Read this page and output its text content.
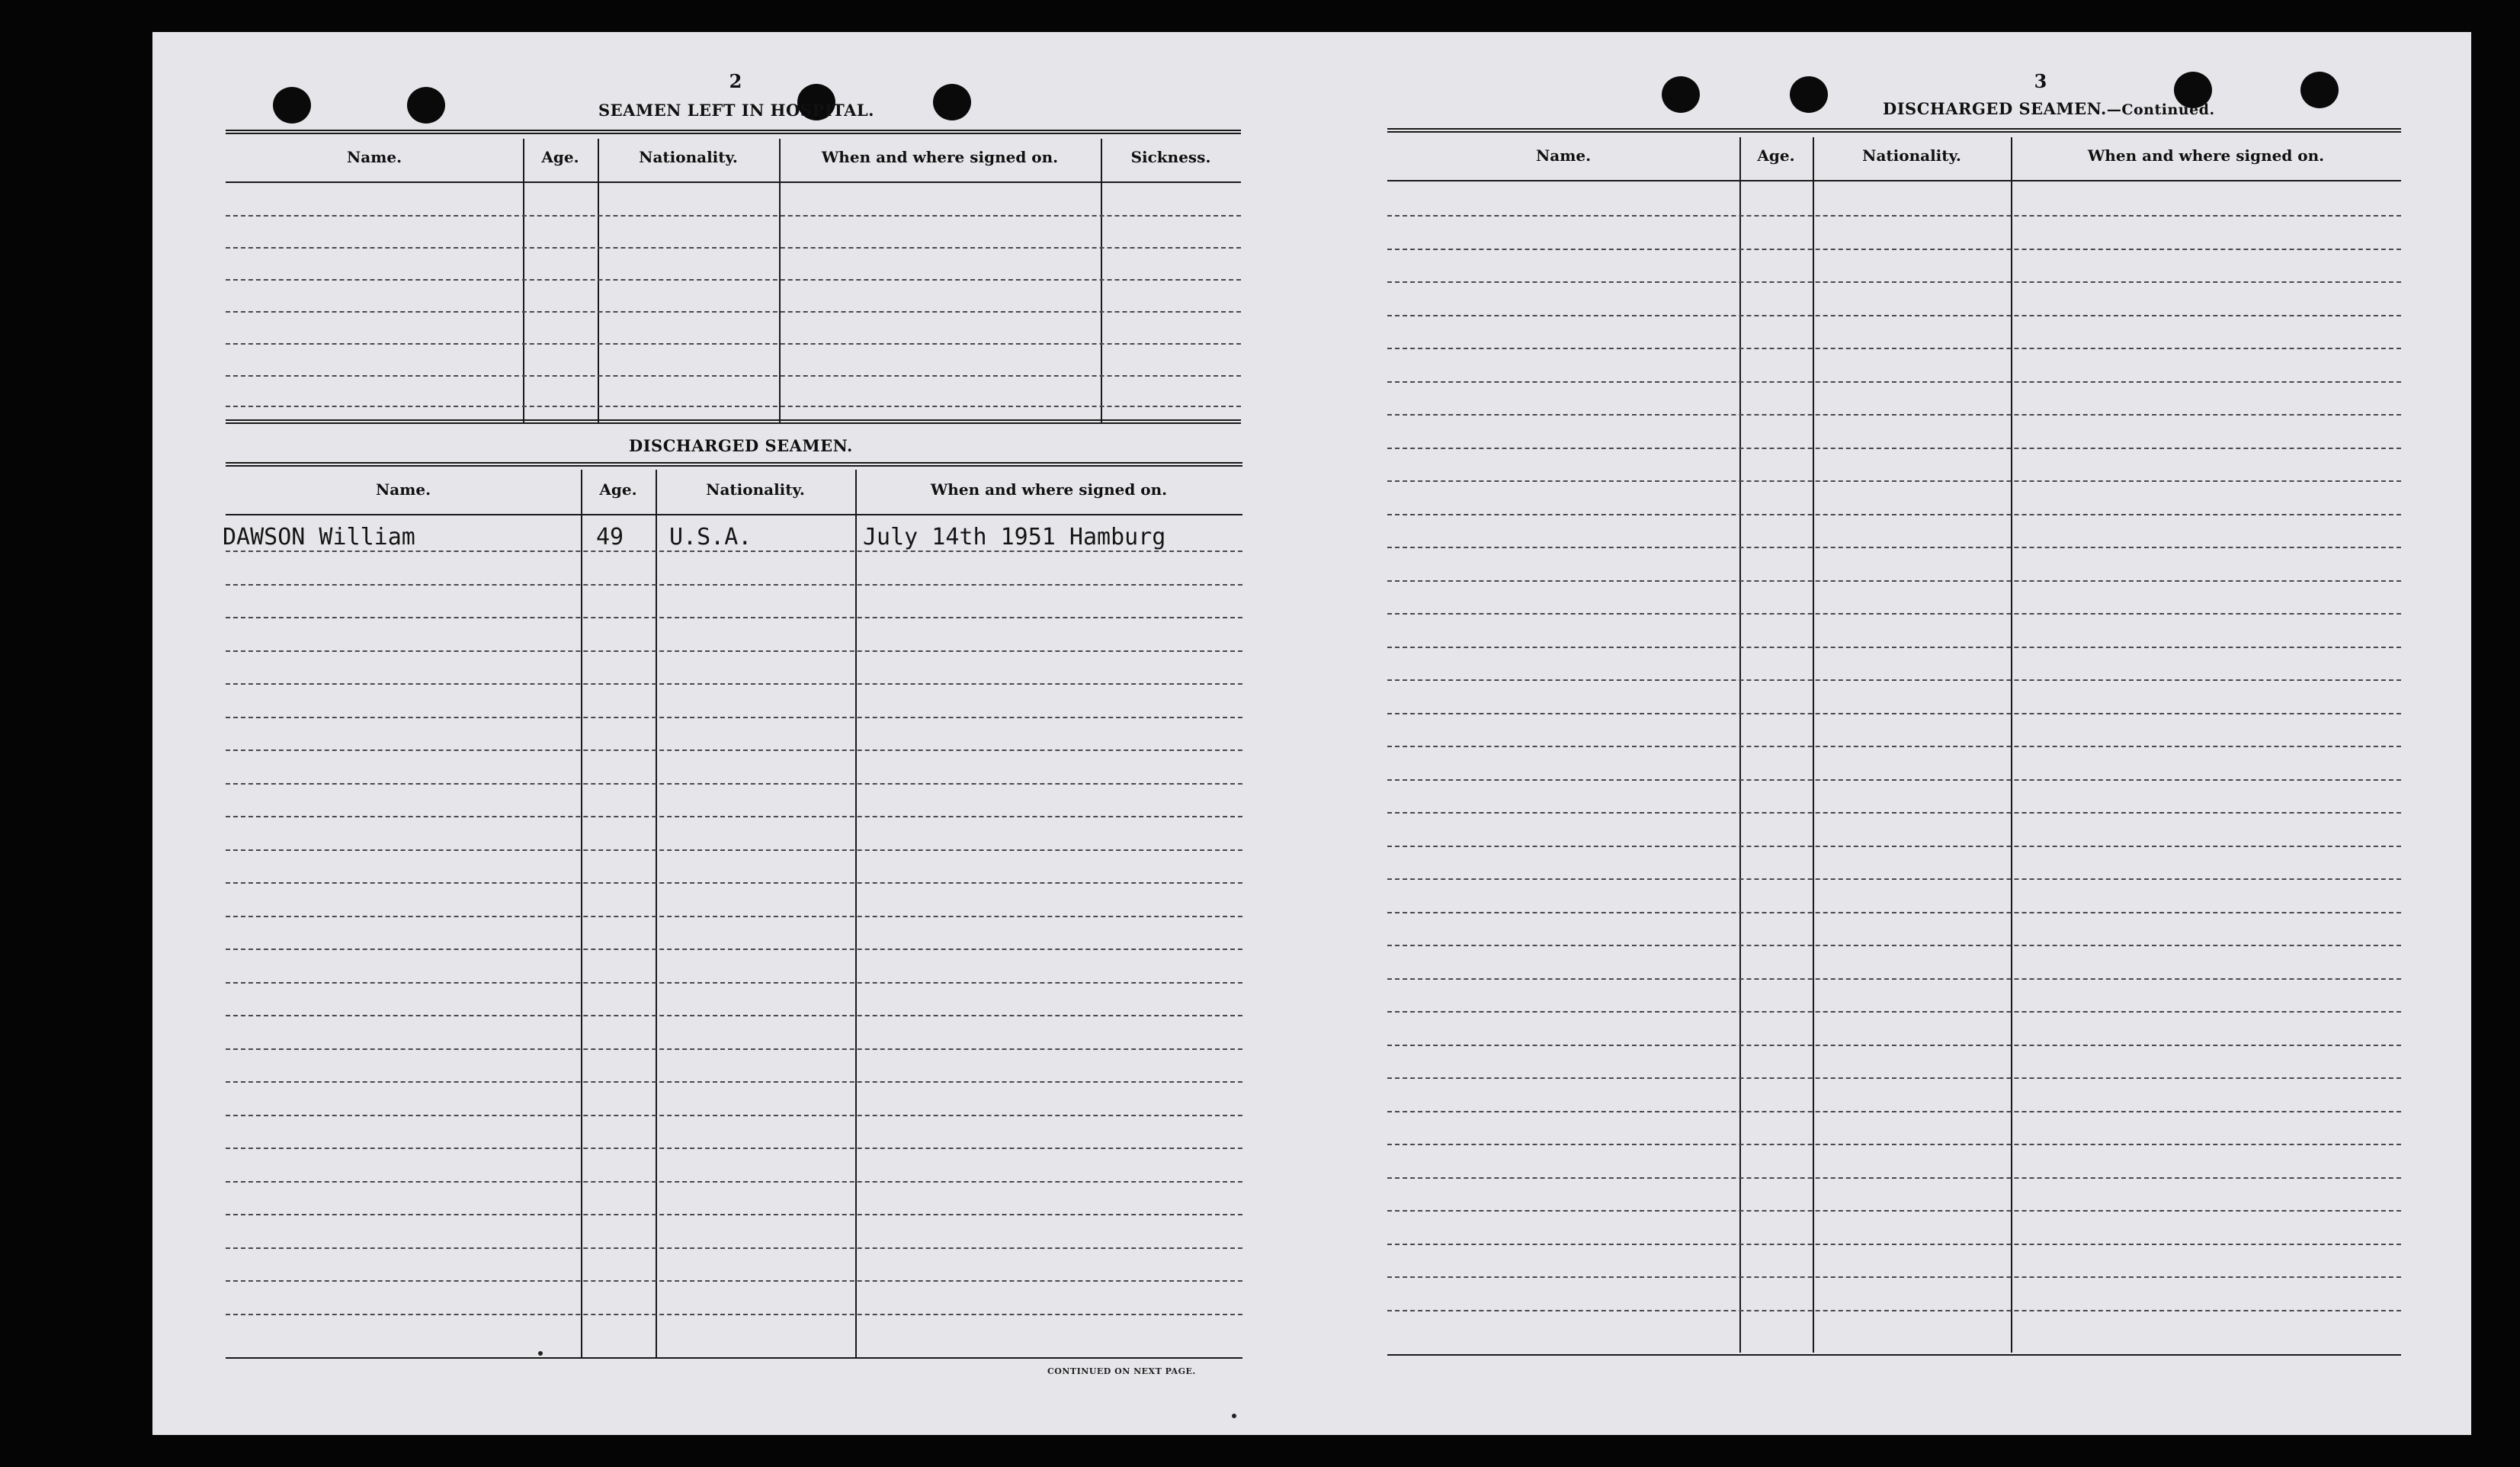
2
SEAMEN LEFT IN HOSPITAL.
Name.	Age.	Nationality.	When and where signed on.	Sickness.
DISCHARGED SEAMEN.
Name.	Age.	Nationality.	When and where signed on.
DAWSON William	49 U.S.A.	July 14th 1951 Hamburg
CONTINUED ON NEXT PAGE.
3
DISCHARGED SEAMEN.—Continued.
Name.	Age.	Nationality.	When and where signed on.
